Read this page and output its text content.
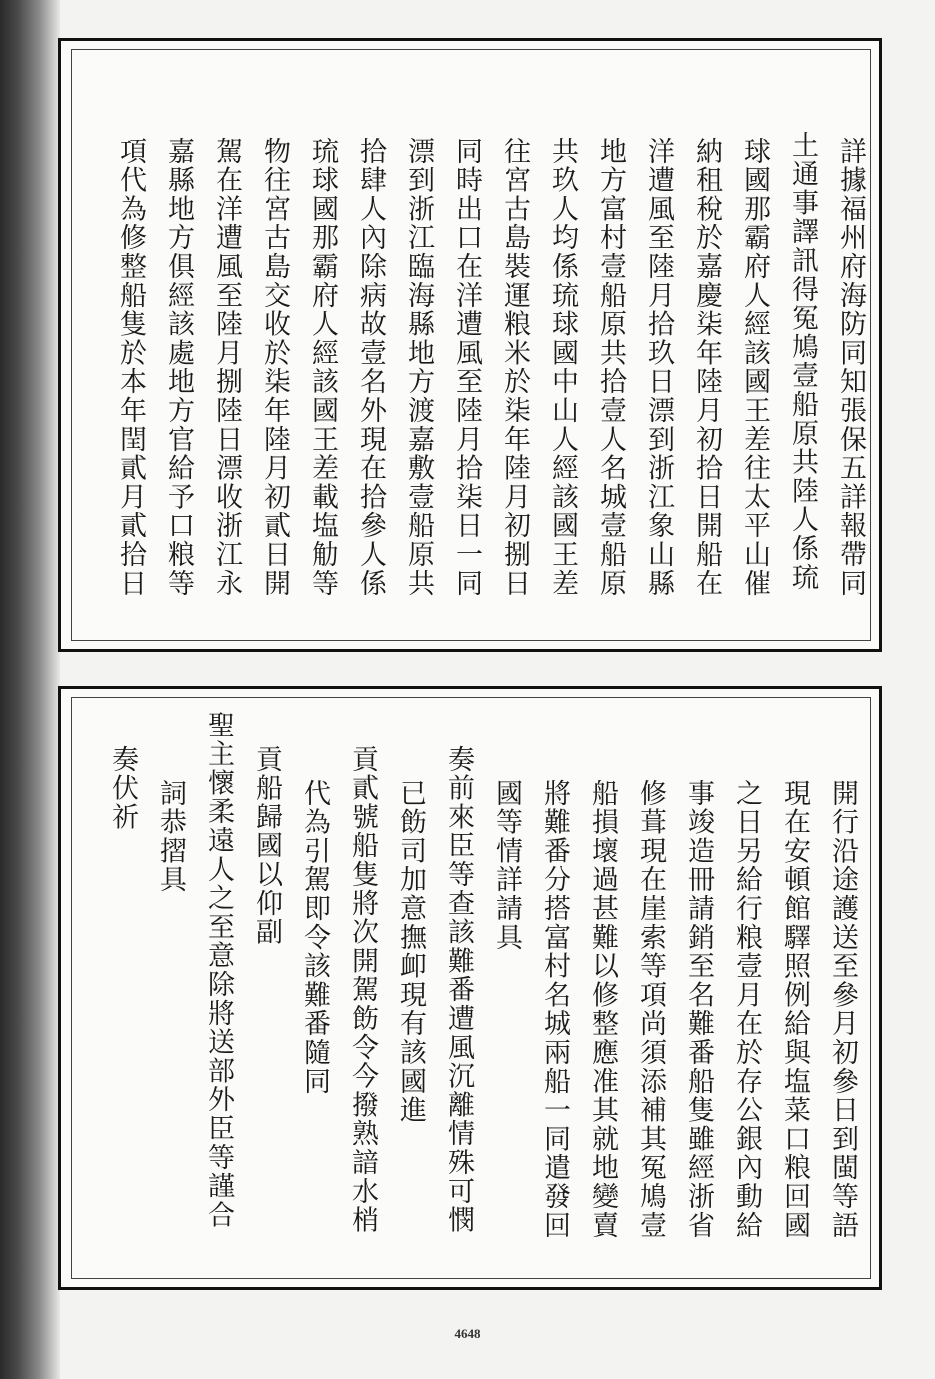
詳據福州府海防同知張保五詳報帶同
土通事譯訊得冤鳩壹船原共陸人係琉
球國那霸府人經該國王差往太平山催
納租稅於嘉慶柒年陸月初拾日開船在
洋遭風至陸月拾玖日漂到浙江象山縣
地方富村壹船原共拾壹人名城壹船原
共玖人均係琉球國中山人經該國王差
往宮古島裝運粮米於柒年陸月初捌日
同時出口在洋遭風至陸月拾柒日一同
漂到浙江臨海縣地方渡嘉敷壹船原共
拾肆人內除病故壹名外現在拾參人係
琉球國那霸府人經該國王差載塩觔等
物往宮古島交收於柒年陸月初貳日開
駕在洋遭風至陸月捌陸日漂收浙江永
嘉縣地方俱經該處地方官給予口粮等
項代為修整船隻於本年閏貳月貳拾日
開行沿途護送至參月初參日到閩等語
現在安頓館驛照例給與塩菜口粮回國
之日另給行粮壹月在於存公銀內動給
事竣造冊請銷至名難番船隻雖經浙省
修葺現在崖索等項尚須添補其冤鳩壹
船損壞過甚難以修整應准其就地變賣
將難番分搭富村名城兩船一同遣發回
國等情詳請具
奏前來臣等查該難番遭風沉離情殊可憫
已飭司加意撫卹現有該國進
貢貳號船隻將次開駕飭令今撥熟諳水梢
代為引駕即令該難番隨同
貢船歸國以仰副
聖主懷柔遠人之至意除將送部外臣等謹合
詞恭摺具
奏伏祈
4648
